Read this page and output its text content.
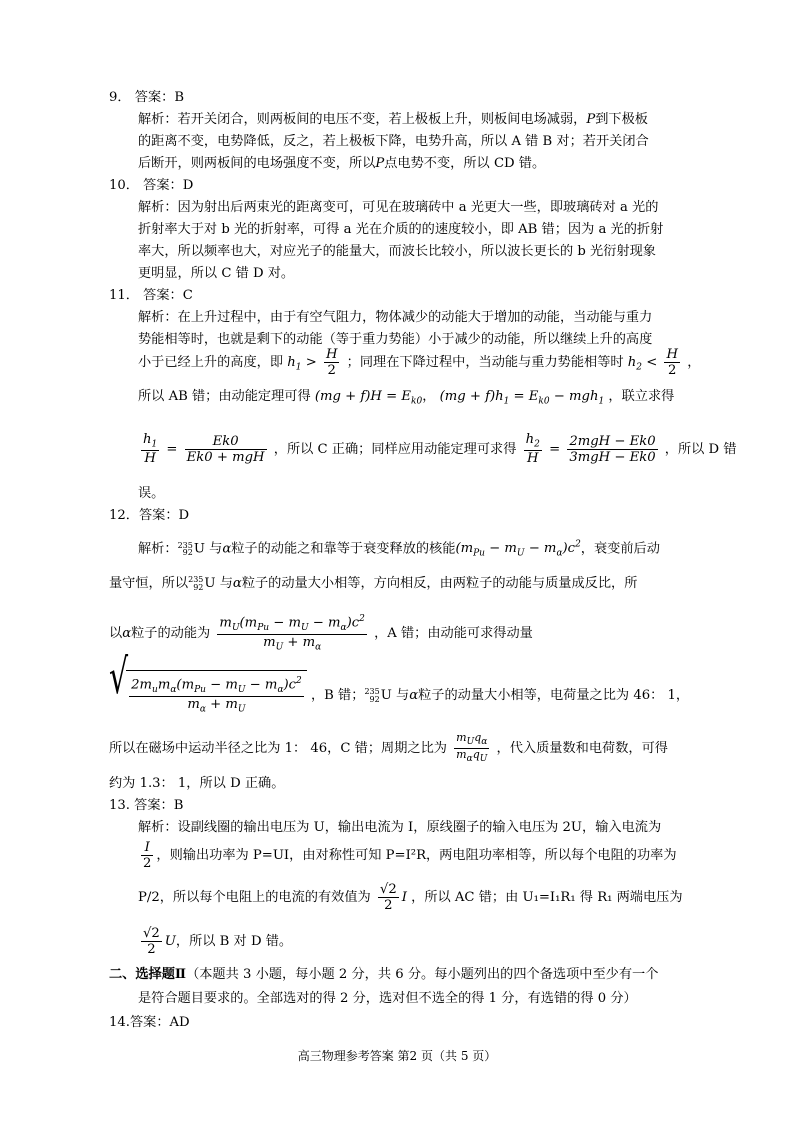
9． 答案：B
解析：若开关闭合，则两板间的电压不变，若上极板上升，则板间电场减弱，P到下极板
的距离不变，电势降低，反之，若上极板下降，电势升高，所以 A 错 B 对；若开关闭合
后断开，则两板间的电场强度不变，所以P点电势不变，所以 CD 错。
10． 答案：D
解析：因为射出后两束光的距离变可，可见在玻璃砖中 a 光更大一些，即玻璃砖对 a 光的
折射率大于对 b 光的折射率，可得 a 光在介质的的速度较小，即 AB 错；因为 a 光的折射
率大，所以频率也大，对应光子的能量大，而波长比较小，所以波长更长的 b 光衍射现象
更明显，所以 C 错 D 对。
11． 答案：C
解析：在上升过程中，由于有空气阻力，物体减少的动能大于增加的动能，当动能与重力
势能相等时，也就是剩下的动能（等于重力势能）小于减少的动能，所以继续上升的高度
小于已经上升的高度，即 $h_1 > \frac{H}{2}$ ；同理在下降过程中，当动能与重力势能相等时 $h_2 < \frac{H}{2}$ ，
所以 AB 错；由动能定理可得 $(mg + f)H = E_{k0}$， $(mg + f)h_1 = E_{k0} - mgh_1$ ，联立求得
$\frac{h_1}{H} = \frac{Ek0}{\text{Ek0 + mgH}}$ ，所以 C 正确；同样应用动能定理可求得 $\frac{h_2}{H} = \frac{\text{2mgH − Ek0}}{\text{3mgH − Ek0}}$ ，所以 D 错
误。
12．答案：D
解析： 235
92 U 与α粒子的动能之和靠等于衰变释放的核能$(m_{Pu} - m_U - m_\alpha)c^2$，衰变前后动
量守恒，所以 235
92 U 与α粒子的动量大小相等，方向相反，由两粒子的动能与质量成反比，所
以α粒子的动能为 $\frac{m_U(m_{Pu} - m_U - m_\alpha)c^2}{m_U + m_\alpha}$ ，A 错；由动能可求得动量
√ $\frac{2m_um_\alpha(m_{Pu} - m_U - m_\alpha)c^2}{m_\alpha + m_U}$ ，B 错； 235
92 U 与α粒子的动量大小相等，电荷量之比为 46： 1，
所以在磁场中运动半径之比为 1： 46，C 错；周期之比为 $\frac{m_Uq_\alpha}{m_\alpha q_U}$ ，代入质量数和电荷数，可得
约为 1.3： 1，所以 D 正确。
13. 答案：B
解析：设副线圈的输出电压为 U，输出电流为 I，原线圈子的输入电压为 2U，输入电流为
$\frac{I}{2}$ ，则输出功率为 P=UI，由对称性可知 P=I²R，两电阻功率相等，所以每个电阻的功率为
P/2，所以每个电阻上的电流的有效值为 $\frac{√2}{2}$ I ，所以 AC 错；由 U₁=I₁R₁ 得 R₁ 两端电压为
$\frac{√2}{2}$ U，所以 B 对 D 错。
二、选择题Ⅱ（本题共 3 小题，每小题 2 分，共 6 分。每小题列出的四个备选项中至少有一个
是符合题目要求的。全部选对的得 2 分，选对但不选全的得 1 分，有选错的得 0 分）
14.答案：AD
高三物理参考答案 第2 页（共 5 页）
